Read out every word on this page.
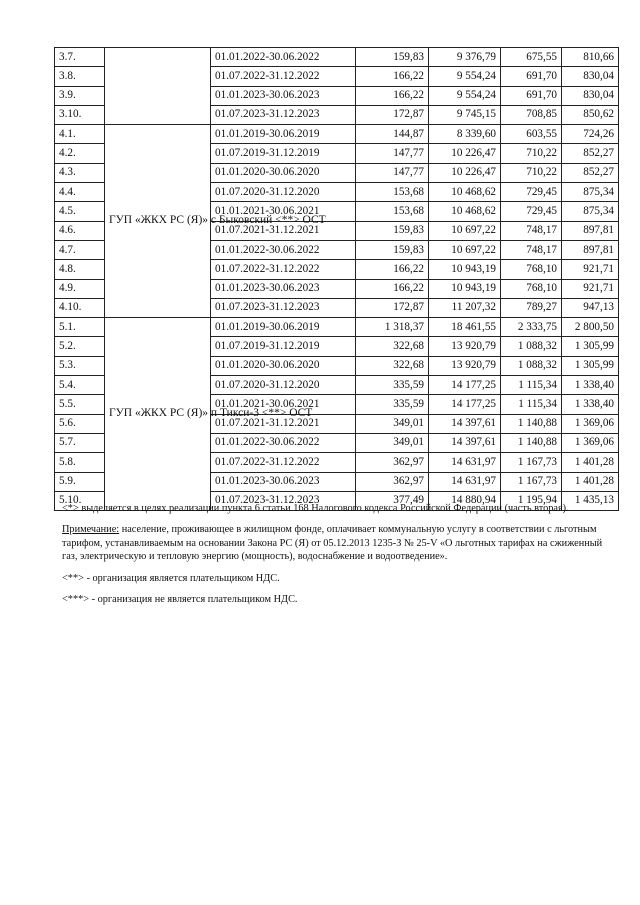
3.7.		01.01.2022-30.06.2022	159,83	9 376,79	675,55	810,66
3.8.		01.07.2022-31.12.2022	166,22	9 554,24	691,70	830,04
3.9.		01.01.2023-30.06.2023	166,22	9 554,24	691,70	830,04
3.10.		01.07.2023-31.12.2023	172,87	9 745,15	708,85	850,62
4.1.	ГУП «ЖКХ РС (Я)» с Быковский <**> ОСТ	01.01.2019-30.06.2019	144,87	8 339,60	603,55	724,26
4.2.		01.07.2019-31.12.2019	147,77	10 226,47	710,22	852,27
4.3.		01.01.2020-30.06.2020	147,77	10 226,47	710,22	852,27
4.4.		01.07.2020-31.12.2020	153,68	10 468,62	729,45	875,34
4.5.		01.01.2021-30.06.2021	153,68	10 468,62	729,45	875,34
4.6.		01.07.2021-31.12.2021	159,83	10 697,22	748,17	897,81
4.7.		01.01.2022-30.06.2022	159,83	10 697,22	748,17	897,81
4.8.		01.07.2022-31.12.2022	166,22	10 943,19	768,10	921,71
4.9.		01.01.2023-30.06.2023	166,22	10 943,19	768,10	921,71
4.10.		01.07.2023-31.12.2023	172,87	11 207,32	789,27	947,13
5.1.	ГУП «ЖКХ РС (Я)» п Тикси-3 <**> ОСТ	01.01.2019-30.06.2019	1 318,37	18 461,55	2 333,75	2 800,50
5.2.		01.07.2019-31.12.2019	322,68	13 920,79	1 088,32	1 305,99
5.3.		01.01.2020-30.06.2020	322,68	13 920,79	1 088,32	1 305,99
5.4.		01.07.2020-31.12.2020	335,59	14 177,25	1 115,34	1 338,40
5.5.		01.01.2021-30.06.2021	335,59	14 177,25	1 115,34	1 338,40
5.6.		01.07.2021-31.12.2021	349,01	14 397,61	1 140,88	1 369,06
5.7.		01.01.2022-30.06.2022	349,01	14 397,61	1 140,88	1 369,06
5.8.		01.07.2022-31.12.2022	362,97	14 631,97	1 167,73	1 401,28
5.9.		01.01.2023-30.06.2023	362,97	14 631,97	1 167,73	1 401,28
5.10.		01.07.2023-31.12.2023	377,49	14 880,94	1 195,94	1 435,13

<*> выделяется в целях реализации пункта 6 статьи 168 Налогового кодекса Российской Федерации (часть вторая).

Примечание: население, проживающее в жилищном фонде, оплачивает коммунальную услугу в соответствии с льготным тарифом, устанавливаемым на основании Закона РС (Я) от 05.12.2013 1235-З № 25-V «О льготных тарифах на сжиженный газ, электрическую и тепловую энергию (мощность), водоснабжение и водоотведение».

<**> - организация является плательщиком НДС.

<***> - организация не является плательщиком НДС.
